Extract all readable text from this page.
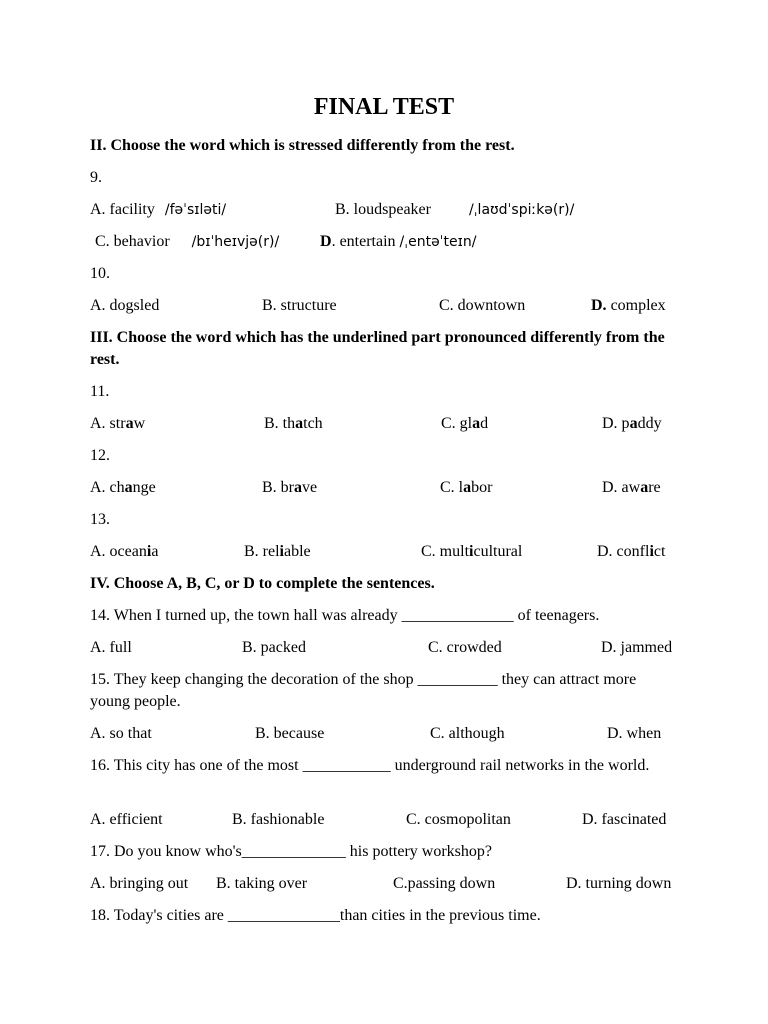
FINAL TEST
II. Choose the word which is stressed differently from the rest.
9.
A. facility /fəˈsɪləti/	B. loudspeaker	/ˌlaʊdˈspiːkə(r)/
C. behavior /bɪˈheɪvjə(r)/	D. entertain /ˌentəˈteɪn/
10.
A. dogsled	B. structure	C. downtown	D. complex
III. Choose the word which has the underlined part pronounced differently from the rest.
11.
A. straw	B. thatch	C. glad	D. paddy
12.
A. change	B. brave	C. labor	D. aware
13.
A. oceania	B. reliable	C. multicultural	D. conflict
IV. Choose A, B, C, or D to complete the sentences.
14. When I turned up, the town hall was already ______________ of teenagers.
A. full	B. packed	C. crowded	D. jammed
15. They keep changing the decoration of the shop __________ they can attract more young people.
A. so that	B. because	C. although	D. when
16. This city has one of the most ___________ underground rail networks in the world.
A. efficient	B. fashionable	C. cosmopolitan	D. fascinated
17. Do you know who's_____________ his pottery workshop?
A. bringing out B. taking over	C.passing down	D. turning down
18. Today's cities are ______________than cities in the previous time.
